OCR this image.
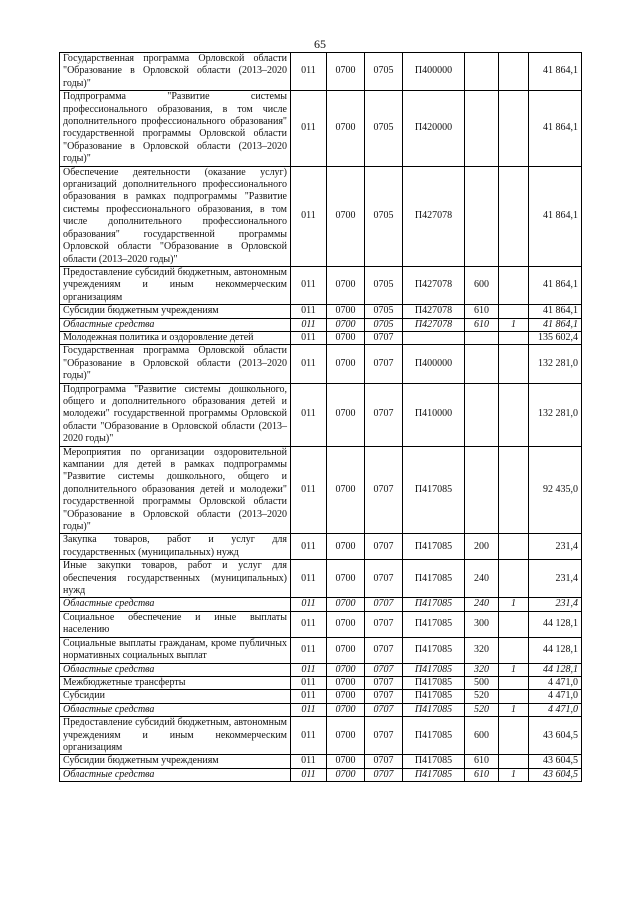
65
Государственная программа Орловской области "Образование в Орловской области (2013–2020 годы)"	011	0700	0705	П400000			41 864,1
Подпрограмма "Развитие системы профессионального образования, в том числе дополнительного профессионального образования" государственной программы Орловской области "Образование в Орловской области (2013–2020 годы)"	011	0700	0705	П420000			41 864,1
Обеспечение деятельности (оказание услуг) организаций дополнительного профессионального образования в рамках подпрограммы "Развитие системы профессионального образования, в том числе дополнительного профессионального образования" государственной программы Орловской области "Образование в Орловской области (2013–2020 годы)"	011	0700	0705	П427078			41 864,1
Предоставление субсидий бюджетным, автономным учреждениям и иным некоммерческим организациям	011	0700	0705	П427078	600		41 864,1
Субсидии бюджетным учреждениям	011	0700	0705	П427078	610		41 864,1
Областные средства	011	0700	0705	П427078	610	1	41 864,1
Молодежная политика и оздоровление детей	011	0700	0707				135 602,4
Государственная программа Орловской области "Образование в Орловской области (2013–2020 годы)"	011	0700	0707	П400000			132 281,0
Подпрограмма "Развитие системы дошкольного, общего и дополнительного образования детей и молодежи" государственной программы Орловской области "Образование в Орловской области (2013–2020 годы)"	011	0700	0707	П410000			132 281,0
Мероприятия по организации оздоровительной кампании для детей в рамках подпрограммы "Развитие системы дошкольного, общего и дополнительного образования детей и молодежи" государственной программы Орловской области "Образование в Орловской области (2013–2020 годы)"	011	0700	0707	П417085			92 435,0
Закупка товаров, работ и услуг для государственных (муниципальных) нужд	011	0700	0707	П417085	200		231,4
Иные закупки товаров, работ и услуг для обеспечения государственных (муниципальных) нужд	011	0700	0707	П417085	240		231,4
Областные средства	011	0700	0707	П417085	240	1	231,4
Социальное обеспечение и иные выплаты населению	011	0700	0707	П417085	300		44 128,1
Социальные выплаты гражданам, кроме публичных нормативных социальных выплат	011	0700	0707	П417085	320		44 128,1
Областные средства	011	0700	0707	П417085	320	1	44 128,1
Межбюджетные трансферты	011	0700	0707	П417085	500		4 471,0
Субсидии	011	0700	0707	П417085	520		4 471,0
Областные средства	011	0700	0707	П417085	520	1	4 471,0
Предоставление субсидий бюджетным, автономным учреждениям и иным некоммерческим организациям	011	0700	0707	П417085	600		43 604,5
Субсидии бюджетным учреждениям	011	0700	0707	П417085	610		43 604,5
Областные средства	011	0700	0707	П417085	610	1	43 604,5
